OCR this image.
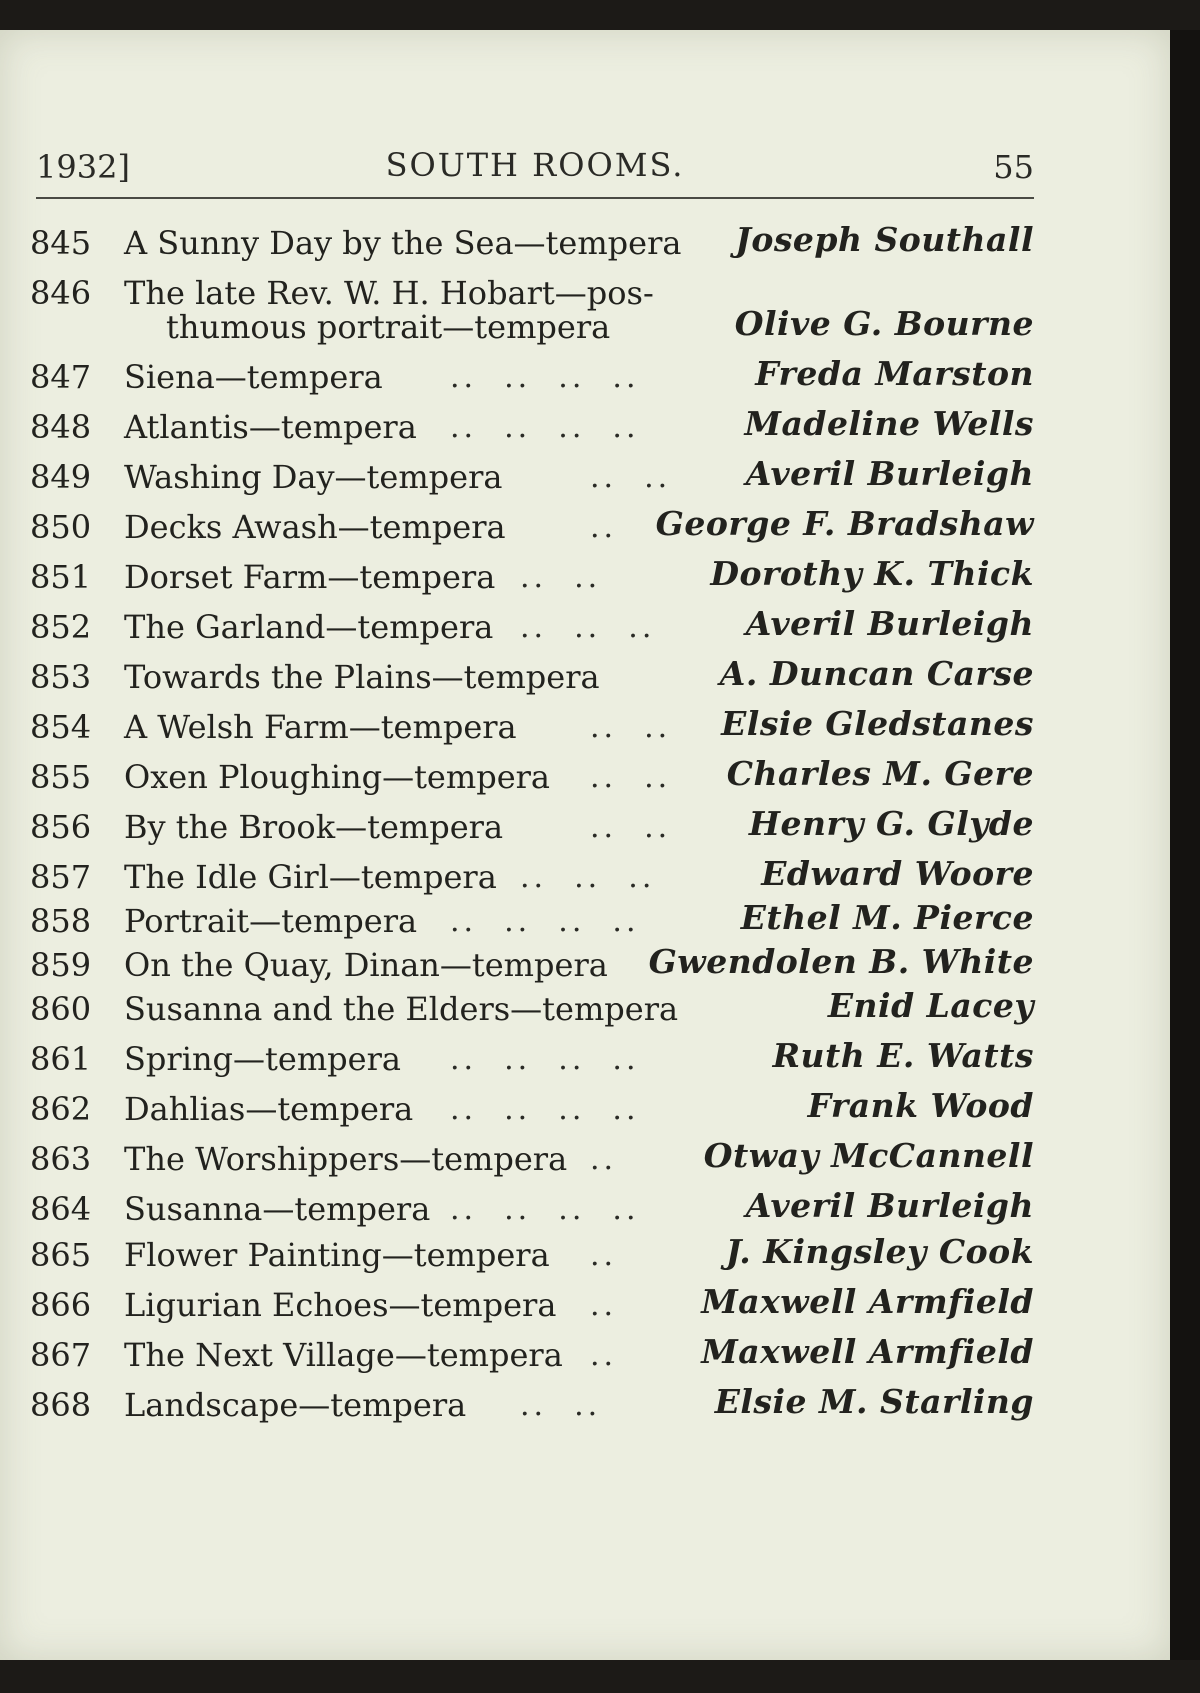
1932]	SOUTH ROOMS.	55
845	A Sunny Day by the Sea—tempera Joseph Southall
846	The late Rev. W. H. Hobart—pos-
thumous portrait—tempera	Olive G. Bourne
847	Siena—tempera ..  ..  ..  ..	Freda Marston
848	Atlantis—tempera ..  ..  ..  ..	Madeline Wells
849	Washing Day—tempera	..  .. Averil Burleigh
850	Decks Awash—tempera	.. George F. Bradshaw
851	Dorset Farm—tempera ..  ..	Dorothy K. Thick
852	The Garland—tempera ..  ..  ..	Averil Burleigh
853	Towards the Plains—tempera	A. Duncan Carse
854	A Welsh Farm—tempera ..  .. Elsie Gledstanes
855	Oxen Ploughing—tempera ..  .. Charles M. Gere
856	By the Brook—tempera	..  .. Henry G. Glyde
857	The Idle Girl—tempera ..  ..  ..	Edward Woore
858	Portrait—tempera ..  ..  ..  ..	Ethel M. Pierce
859	On the Quay, Dinan—tempera Gwendolen B. White
860	Susanna and the Elders—tempera	Enid Lacey
861	Spring—tempera ..  ..  ..  ..	Ruth E. Watts
862	Dahlias—tempera ..  ..  ..  ..	Frank Wood
863	The Worshippers—tempera ..	Otway McCannell
864	Susanna—tempera ..  ..  ..  ..	Averil Burleigh
865	Flower Painting—tempera ..	J. Kingsley Cook
866	Ligurian Echoes—tempera ..	Maxwell Armfield
867	The Next Village—tempera ..	Maxwell Armfield
868	Landscape—tempera ..  ..	Elsie M. Starling
